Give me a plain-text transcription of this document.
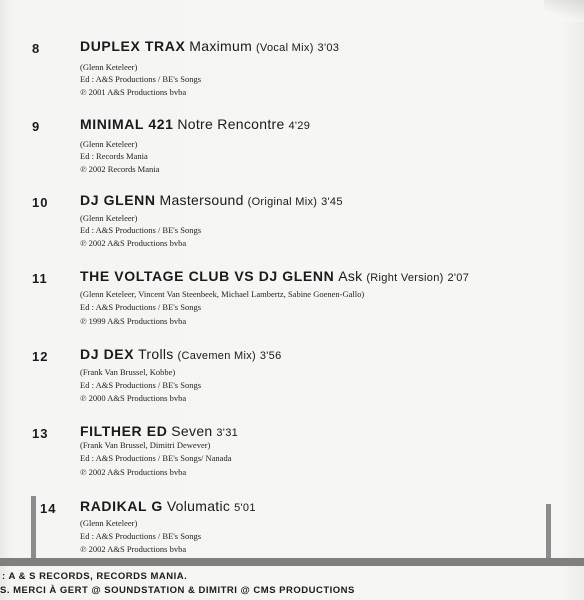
8	DUPLEX TRAX Maximum (Vocal Mix) 3'03
(Glenn Keteleer)
Ed : A&S Productions / BE's Songs
℗ 2001 A&S Productions bvba
9	MINIMAL 421 Notre Rencontre 4'29
(Glenn Keteleer)
Ed : Records Mania
℗ 2002 Records Mania
10	DJ GLENN Mastersound (Original Mix) 3'45
(Glenn Keteleer)
Ed : A&S Productions / BE's Songs
℗ 2002 A&S Productions bvba
11	THE VOLTAGE CLUB VS DJ GLENN Ask (Right Version) 2'07
(Glenn Keteleer, Vincent Van Steenbeek, Michael Lambertz, Sabine Goenen-Gallo)
Ed : A&S Productions / BE's Songs
℗ 1999 A&S Productions bvba
12	DJ DEX Trolls (Cavemen Mix) 3'56
(Frank Van Brussel, Kobbe)
Ed : A&S Productions / BE's Songs
℗ 2000 A&S Productions bvba
13	FILTHER ED Seven 3'31
(Frank Van Brussel, Dimitri Dewever)
Ed : A&S Productions / BE's Songs/ Nanada
℗ 2002 A&S Productions bvba
14	RADIKAL G Volumatic 5'01
(Glenn Keteleer)
Ed : A&S Productions / BE's Songs
℗ 2002 A&S Productions bvba
: A & S RECORDS, RECORDS MANIA.
S. MERCI À GERT @ SOUNDSTATION & DIMITRI @ CMS PRODUCTIONS
